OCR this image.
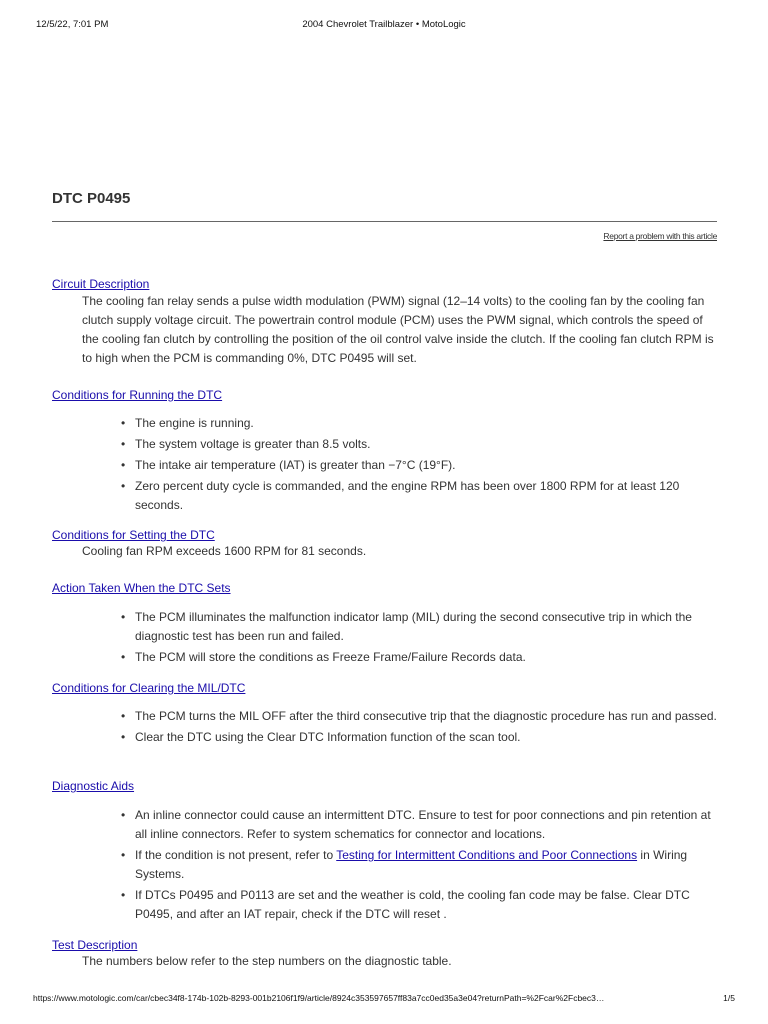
12/5/22, 7:01 PM	2004 Chevrolet Trailblazer • MotoLogic
DTC P0495
Report a problem with this article
Circuit Description

The cooling fan relay sends a pulse width modulation (PWM) signal (12–14 volts) to the cooling fan by the cooling fan clutch supply voltage circuit. The powertrain control module (PCM) uses the PWM signal, which controls the speed of the cooling fan clutch by controlling the position of the oil control valve inside the clutch. If the cooling fan clutch RPM is to high when the PCM is commanding 0%, DTC P0495 will set.

Conditions for Running the DTC
• The engine is running.
• The system voltage is greater than 8.5 volts.
• The intake air temperature (IAT) is greater than −7°C (19°F).
• Zero percent duty cycle is commanded, and the engine RPM has been over 1800 RPM for at least 120 seconds.
Conditions for Setting the DTC

Cooling fan RPM exceeds 1600 RPM for 81 seconds.

Action Taken When the DTC Sets
• The PCM illuminates the malfunction indicator lamp (MIL) during the second consecutive trip in which the diagnostic test has been run and failed.
• The PCM will store the conditions as Freeze Frame/Failure Records data.
Conditions for Clearing the MIL/DTC
• The PCM turns the MIL OFF after the third consecutive trip that the diagnostic procedure has run and passed.
• Clear the DTC using the Clear DTC Information function of the scan tool.
Diagnostic Aids
• An inline connector could cause an intermittent DTC. Ensure to test for poor connections and pin retention at all inline connectors. Refer to system schematics for connector and locations.
• If the condition is not present, refer to Testing for Intermittent Conditions and Poor Connections in Wiring Systems.
• If DTCs P0495 and P0113 are set and the weather is cold, the cooling fan code may be false. Clear DTC P0495, and after an IAT repair, check if the DTC will reset .
Test Description

The numbers below refer to the step numbers on the diagnostic table.

https://www.motologic.com/car/cbec34f8-174b-102b-8293-001b2106f1f9/article/8924c353597657ff83a7cc0ed35a3e04?returnPath=%2Fcar%2Fcbec3…	1/5
